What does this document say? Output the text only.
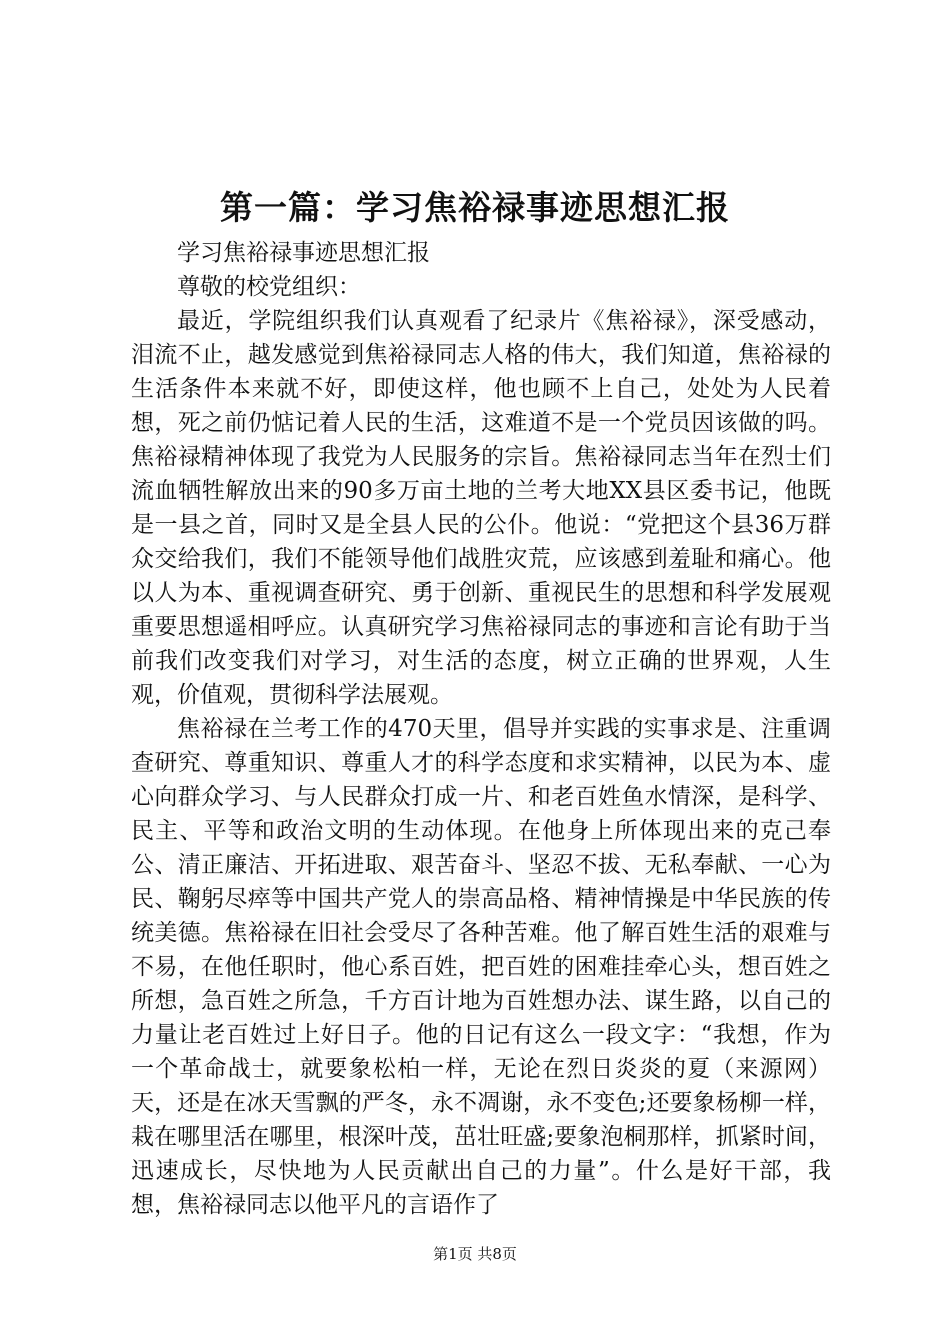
第一篇：学习焦裕禄事迹思想汇报

学习焦裕禄事迹思想汇报

尊敬的校党组织：

最近，学院组织我们认真观看了纪录片《焦裕禄》，深受感动，泪流不止，越发感觉到焦裕禄同志人格的伟大，我们知道，焦裕禄的生活条件本来就不好，即使这样，他也顾不上自己，处处为人民着想，死之前仍惦记着人民的生活，这难道不是一个党员因该做的吗。焦裕禄精神体现了我党为人民服务的宗旨。焦裕禄同志当年在烈士们流血牺牲解放出来的90多万亩土地的兰考大地XX县区委书记，他既是一县之首，同时又是全县人民的公仆。他说：“党把这个县36万群众交给我们，我们不能领导他们战胜灾荒，应该感到羞耻和痛心。他以人为本、重视调查研究、勇于创新、重视民生的思想和科学发展观重要思想遥相呼应。认真研究学习焦裕禄同志的事迹和言论有助于当前我们改变我们对学习，对生活的态度，树立正确的世界观，人生观，价值观，贯彻科学法展观。

焦裕禄在兰考工作的470天里，倡导并实践的实事求是、注重调查研究、尊重知识、尊重人才的科学态度和求实精神，以民为本、虚心向群众学习、与人民群众打成一片、和老百姓鱼水情深，是科学、民主、平等和政治文明的生动体现。在他身上所体现出来的克己奉公、清正廉洁、开拓进取、艰苦奋斗、坚忍不拔、无私奉献、一心为民、鞠躬尽瘁等中国共产党人的崇高品格、精神情操是中华民族的传统美德。焦裕禄在旧社会受尽了各种苦难。他了解百姓生活的艰难与不易，在他任职时，他心系百姓，把百姓的困难挂牵心头，想百姓之所想，急百姓之所急，千方百计地为百姓想办法、谋生路，以自己的力量让老百姓过上好日子。他的日记有这么一段文字：“我想，作为一个革命战士，就要象松柏一样，无论在烈日炎炎的夏（来源网）天，还是在冰天雪飘的严冬，永不凋谢，永不变色;还要象杨柳一样，栽在哪里活在哪里，根深叶茂，茁壮旺盛;要象泡桐那样，抓紧时间，迅速成长，尽快地为人民贡献出自己的力量”。什么是好干部，我想，焦裕禄同志以他平凡的言语作了

第1页 共8页
